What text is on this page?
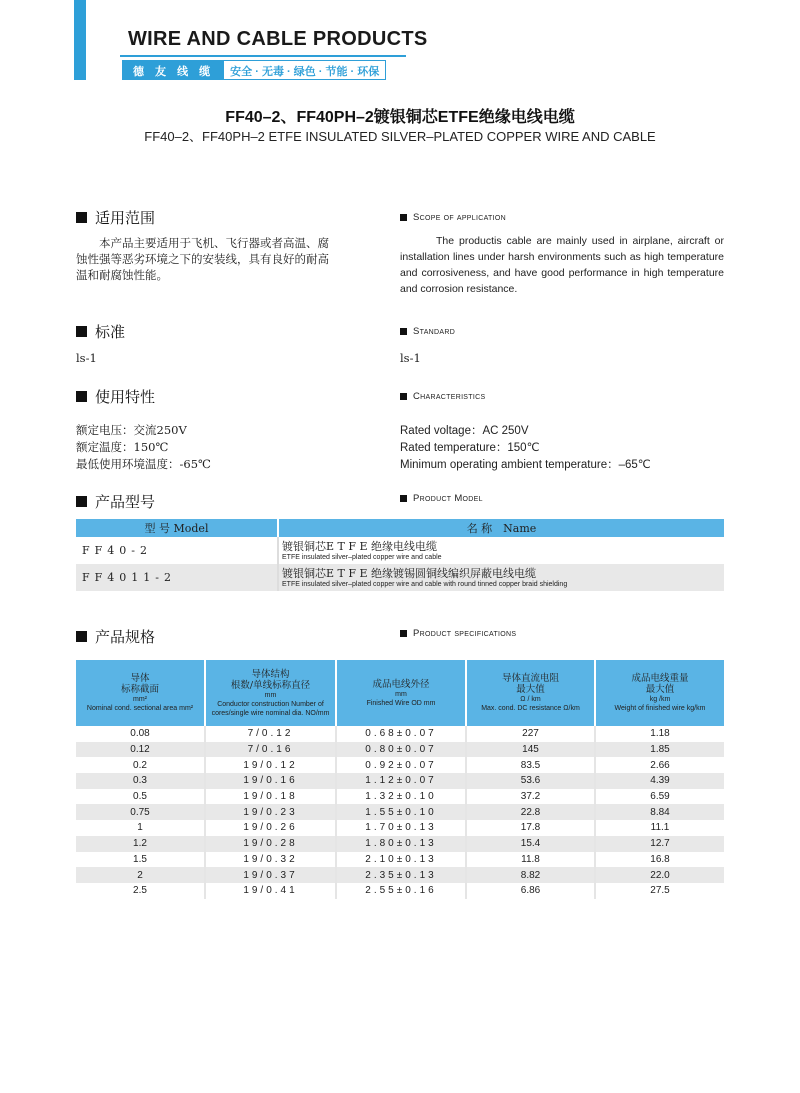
WIRE AND CABLE PRODUCTS
德 友 线 缆	安全 · 无毒 · 绿色 · 节能 · 环保
FF40–2、FF40PH–2镀银铜芯ETFE绝缘电线电缆
FF40–2、FF40PH–2 ETFE INSULATED SILVER–PLATED COPPER WIRE AND CABLE
适用范围	Scope of application
　　本产品主要适用于飞机、飞行器或者高温、腐蚀性强等恶劣环境之下的安装线，具有良好的耐高温和耐腐蚀性能。
The productis cable are mainly used in airplane, aircraft or installation lines under harsh environments such as high temperature and corrosiveness, and have good performance in high temperature and corrosion resistance.
标准	Standard
ls-1	ls-1
使用特性	Characteristics
额定电压：交流250V
额定温度：150℃
最低使用环境温度：-65℃
Rated voltage：AC 250V
Rated temperature：150℃
Minimum operating ambient temperature：–65℃
产品型号	Product Model
型 号 Model	名 称　Name
FF40-2	镀银铜芯E T F E 绝缘电线电缆
ETFE insulated silver–plated copper wire and cable

FF4011-2	镀银铜芯E T F E 绝缘镀锡圆铜线编织屏蔽电线电缆
ETFE insulated silver–plated copper wire and cable with round tinned copper braid shielding
产品规格	Product specifications
导体
标称截面
mm²
Nominal cond. sectional area mm²	导体结构
根数/单线标称直径
mm
Conductor construction Number of cores/single wire nominal dia. NO/mm	成品电线外径
mm
Finished Wire OD mm	导体直流电阻
最大值
Ω / km
Max. cond. DC resistance Ω/km	成品电线重量
最大值
kg /km
Weight of finished wire kg/km

0.08	7/0.12	0.68±0.07	227	1.18
0.12	7/0.16	0.80±0.07	145	1.85
0.2	19/0.12	0.92±0.07	83.5	2.66
0.3	19/0.16	1.12±0.07	53.6	4.39
0.5	19/0.18	1.32±0.10	37.2	6.59
0.75	19/0.23	1.55±0.10	22.8	8.84
1	19/0.26	1.70±0.13	17.8	11.1
1.2	19/0.28	1.80±0.13	15.4	12.7
1.5	19/0.32	2.10±0.13	11.8	16.8
2	19/0.37	2.35±0.13	8.82	22.0
2.5	19/0.41	2.55±0.16	6.86	27.5
